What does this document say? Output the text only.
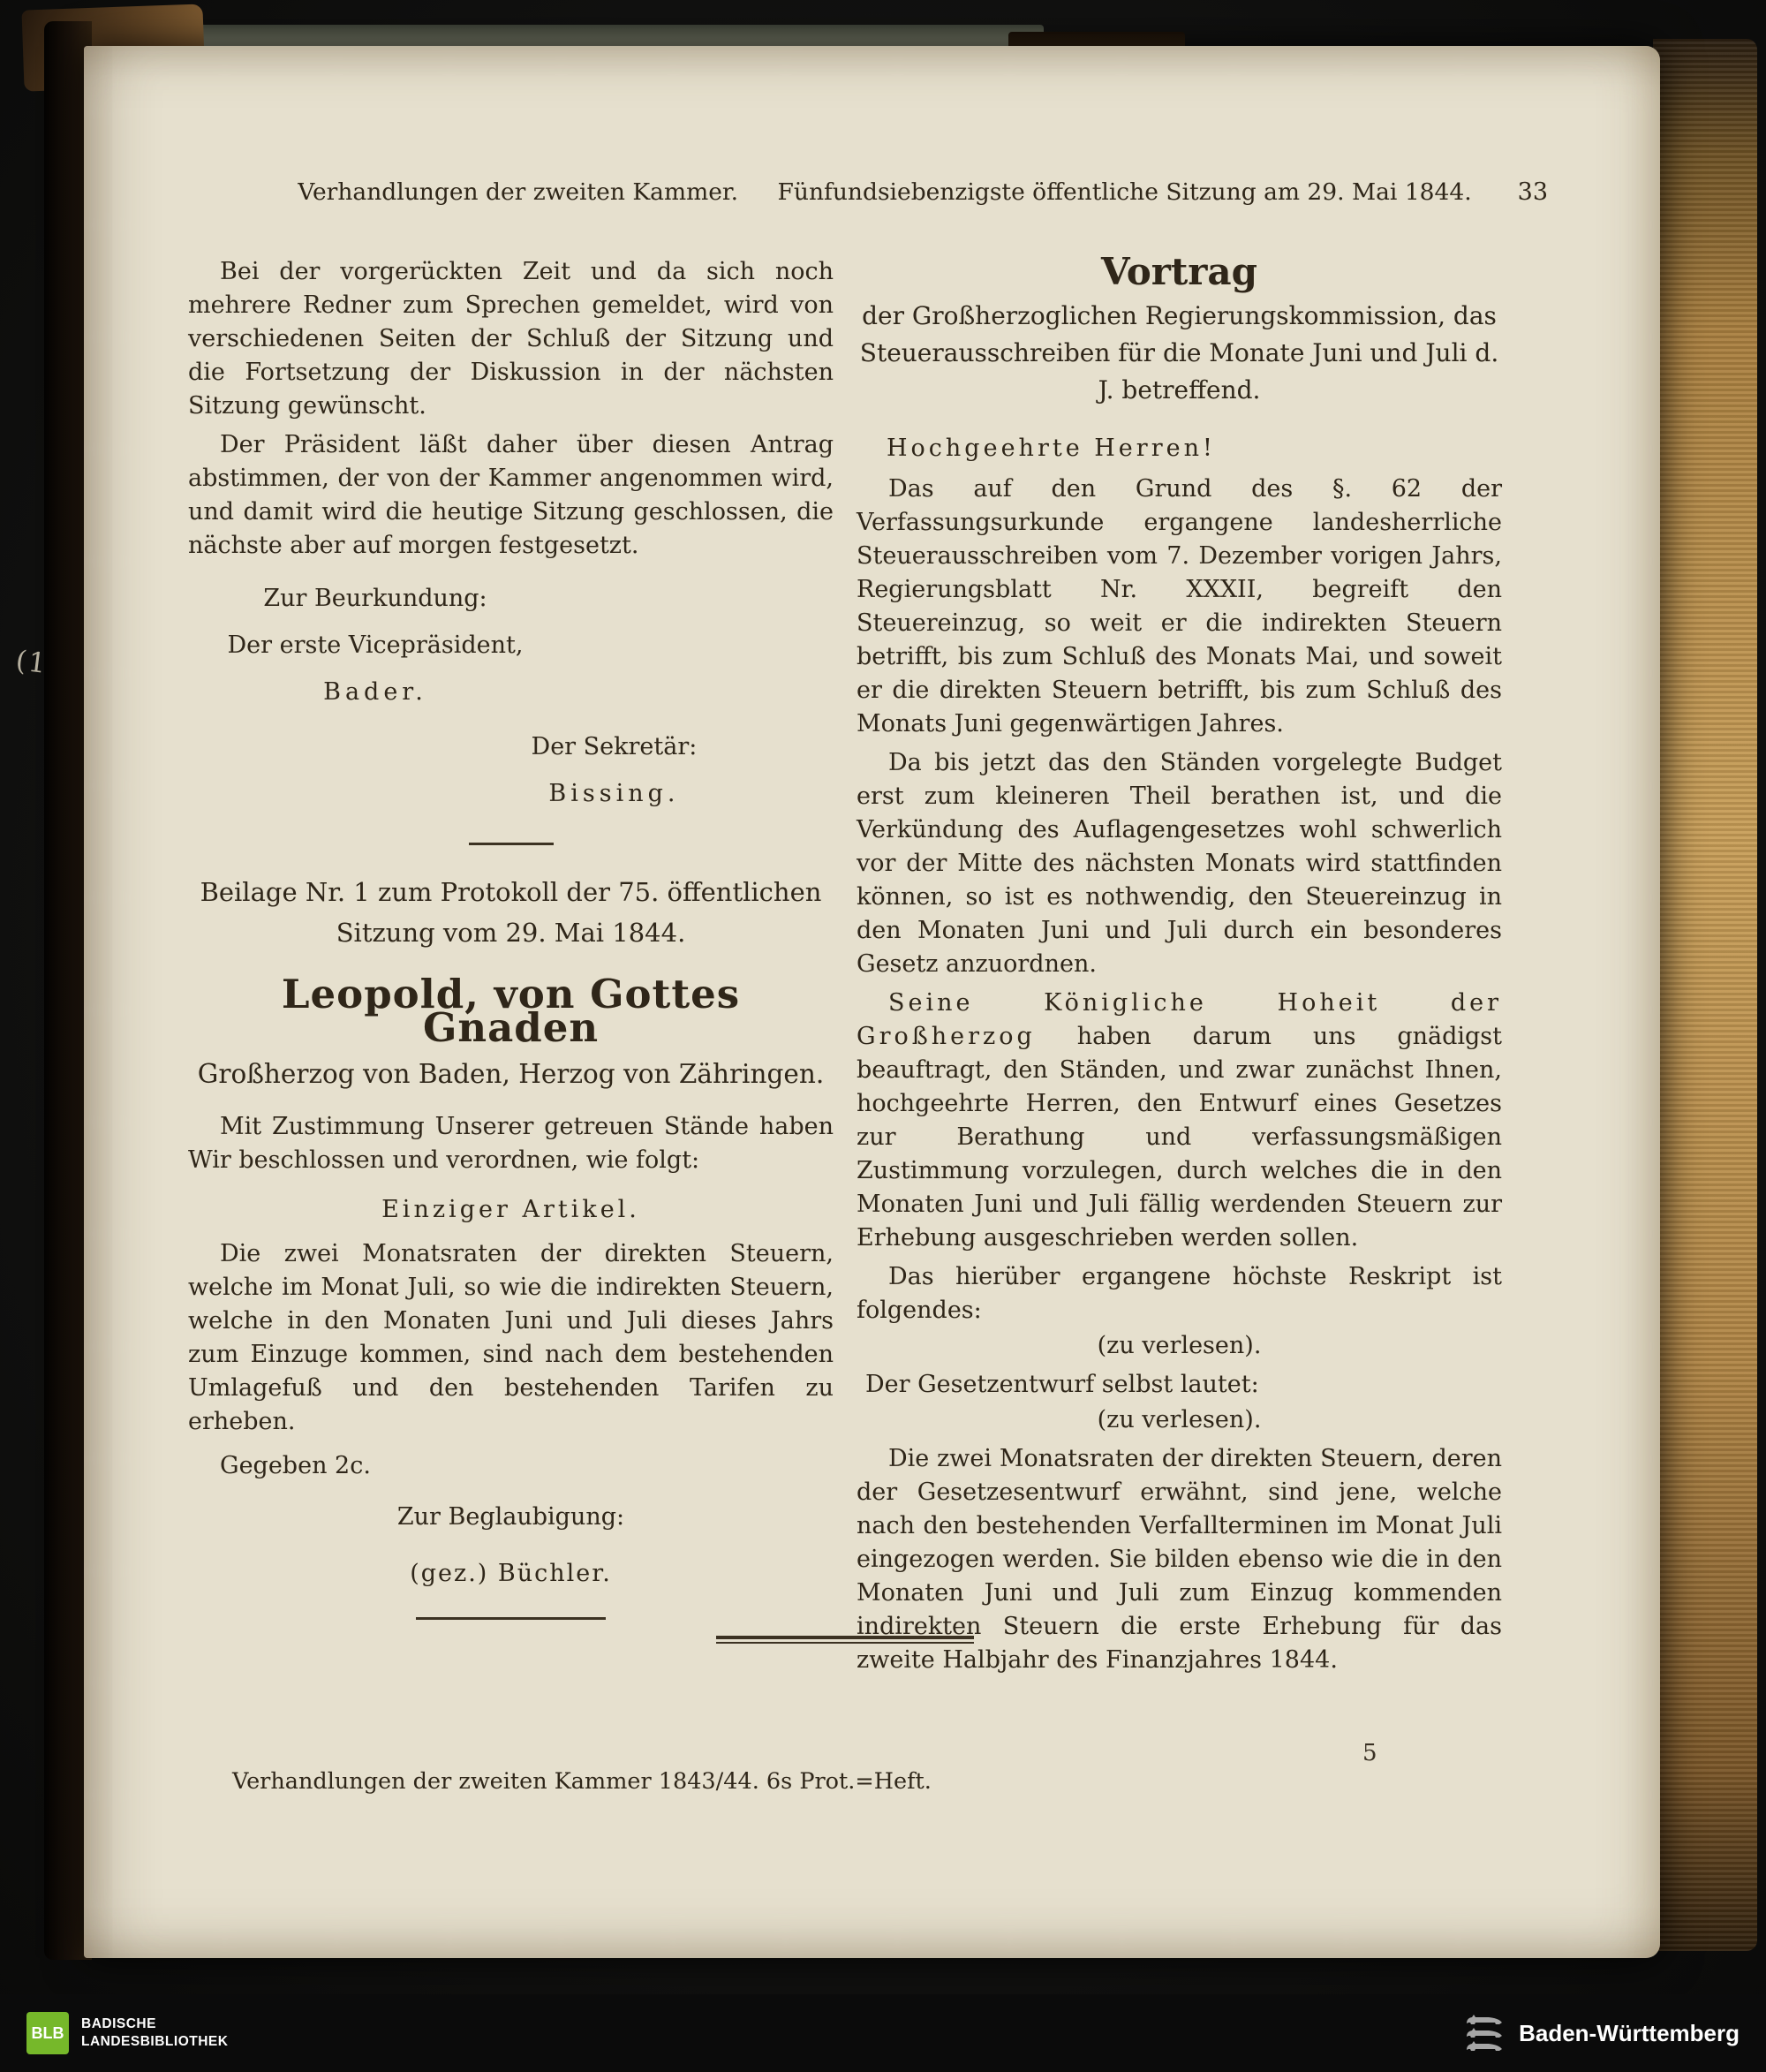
(1
Verhandlungen der zweiten Kammer. Fünfundsiebenzigste öffentliche Sitzung am 29. Mai 1844. 33

Bei der vorgerückten Zeit und da sich noch mehrere Redner zum Sprechen gemeldet, wird von verschiedenen Seiten der Schluß der Sitzung und die Fortsetzung der Diskussion in der nächsten Sitzung gewünscht.

Der Präsident läßt daher über diesen Antrag abstimmen, der von der Kammer angenommen wird, und damit wird die heutige Sitzung geschlossen, die nächste aber auf morgen festgesetzt.

Zur Beurkundung:
Der erste Vicepräsident,
Bader.
Der Sekretär:
Bissing.
Beilage Nr. 1 zum Protokoll der 75. öffentlichen Sitzung vom 29. Mai 1844.
Leopold, von Gottes Gnaden
Großherzog von Baden, Herzog von Zähringen.

Mit Zustimmung Unserer getreuen Stände haben Wir beschlossen und verordnen, wie folgt:

Einziger Artikel.

Die zwei Monatsraten der direkten Steuern, welche im Monat Juli, so wie die indirekten Steuern, welche in den Monaten Juni und Juli dieses Jahrs zum Einzuge kommen, sind nach dem bestehenden Umlagefuß und den bestehenden Tarifen zu erheben.

Gegeben 2c.

Zur Beglaubigung:
(gez.) Büchler.
Vortrag
der Großherzoglichen Regierungskommission, das Steuerausschreiben für die Monate Juni und Juli d. J. betreffend.
Hochgeehrte Herren!

Das auf den Grund des §. 62 der Verfassungsurkunde ergangene landesherrliche Steuerausschreiben vom 7. Dezember vorigen Jahrs, Regierungsblatt Nr. XXXII, begreift den Steuereinzug, so weit er die indirekten Steuern betrifft, bis zum Schluß des Monats Mai, und soweit er die direkten Steuern betrifft, bis zum Schluß des Monats Juni gegenwärtigen Jahres.

Da bis jetzt das den Ständen vorgelegte Budget erst zum kleineren Theil berathen ist, und die Verkündung des Auflagengesetzes wohl schwerlich vor der Mitte des nächsten Monats wird stattfinden können, so ist es nothwendig, den Steuereinzug in den Monaten Juni und Juli durch ein besonderes Gesetz anzuordnen.

Seine Königliche Hoheit der Großherzog haben darum uns gnädigst beauftragt, den Ständen, und zwar zunächst Ihnen, hochgeehrte Herren, den Entwurf eines Gesetzes zur Berathung und verfassungsmäßigen Zustimmung vorzulegen, durch welches die in den Monaten Juni und Juli fällig werdenden Steuern zur Erhebung ausgeschrieben werden sollen.

Das hierüber ergangene höchste Reskript ist folgendes:

(zu verlesen).

Der Gesetzentwurf selbst lautet:

(zu verlesen).

Die zwei Monatsraten der direkten Steuern, deren der Gesetzesentwurf erwähnt, sind jene, welche nach den bestehenden Verfallterminen im Monat Juli eingezogen werden. Sie bilden ebenso wie die in den Monaten Juni und Juli zum Einzug kommenden indirekten Steuern die erste Erhebung für das zweite Halbjahr des Finanzjahres 1844.

5
Verhandlungen der zweiten Kammer 1843/44. 6s Prot.=Heft.
BLB BADISCHE
LANDESBIBLIOTHEK	Baden-Württemberg
